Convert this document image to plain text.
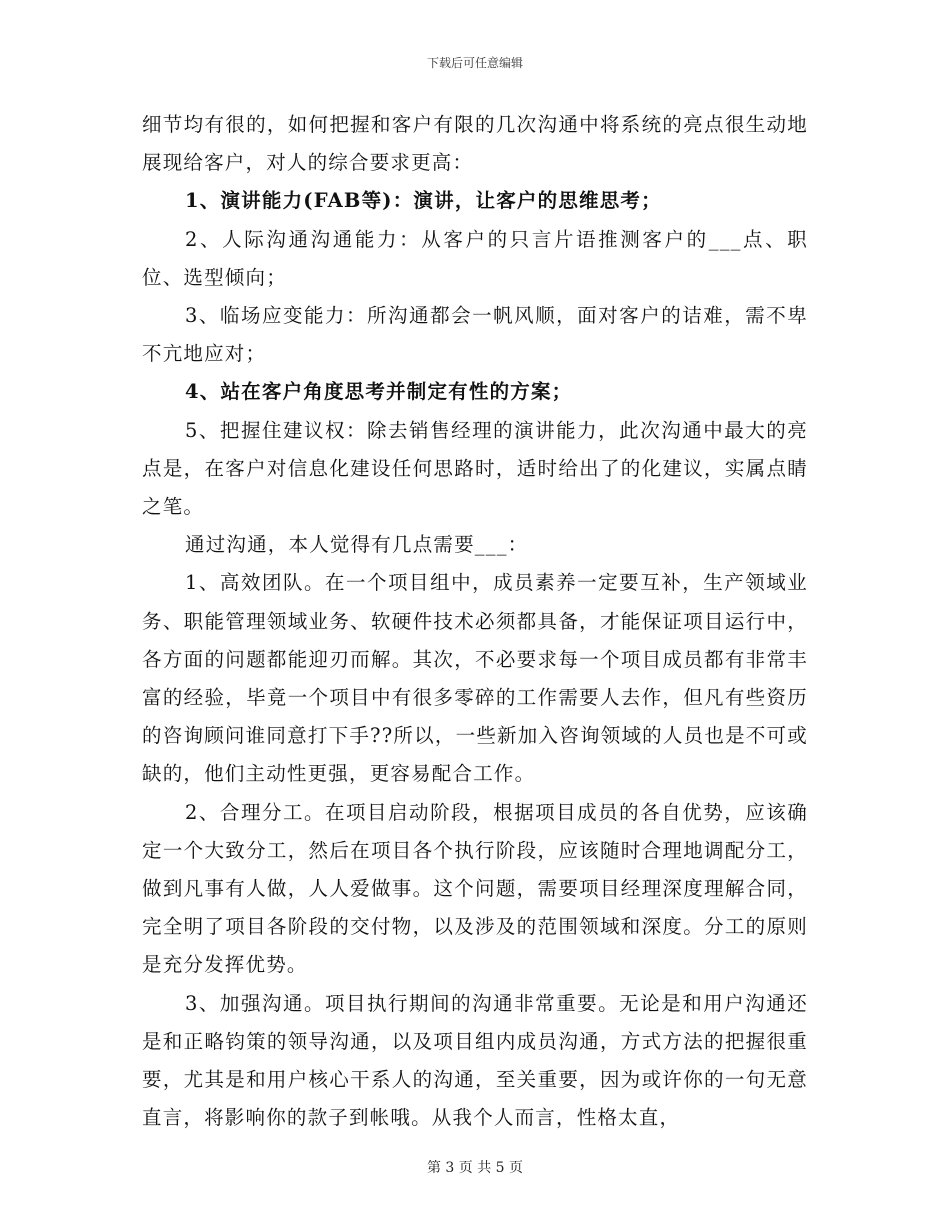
下载后可任意编辑

细节均有很的，如何把握和客户有限的几次沟通中将系统的亮点很生动地展现给客户，对人的综合要求更高：

1、演讲能力(FAB等)：演讲，让客户的思维思考；

2、人际沟通沟通能力：从客户的只言片语推测客户的___点、职位、选型倾向；

3、临场应变能力：所沟通都会一帆风顺，面对客户的诘难，需不卑不亢地应对；

4、站在客户角度思考并制定有性的方案；

5、把握住建议权：除去销售经理的演讲能力，此次沟通中最大的亮点是，在客户对信息化建设任何思路时，适时给出了的化建议，实属点睛之笔。

通过沟通，本人觉得有几点需要___：

1、高效团队。在一个项目组中，成员素养一定要互补，生产领域业务、职能管理领域业务、软硬件技术必须都具备，才能保证项目运行中，各方面的问题都能迎刃而解。其次，不必要求每一个项目成员都有非常丰富的经验，毕竟一个项目中有很多零碎的工作需要人去作，但凡有些资历的咨询顾问谁同意打下手??所以，一些新加入咨询领域的人员也是不可或缺的，他们主动性更强，更容易配合工作。

2、合理分工。在项目启动阶段，根据项目成员的各自优势，应该确定一个大致分工，然后在项目各个执行阶段，应该随时合理地调配分工，做到凡事有人做，人人爱做事。这个问题，需要项目经理深度理解合同，完全明了项目各阶段的交付物，以及涉及的范围领域和深度。分工的原则是充分发挥优势。

3、加强沟通。项目执行期间的沟通非常重要。无论是和用户沟通还是和正略钧策的领导沟通，以及项目组内成员沟通，方式方法的把握很重要，尤其是和用户核心干系人的沟通，至关重要，因为或许你的一句无意直言，将影响你的款子到帐哦。从我个人而言，性格太直，

第 3 页 共 5 页
